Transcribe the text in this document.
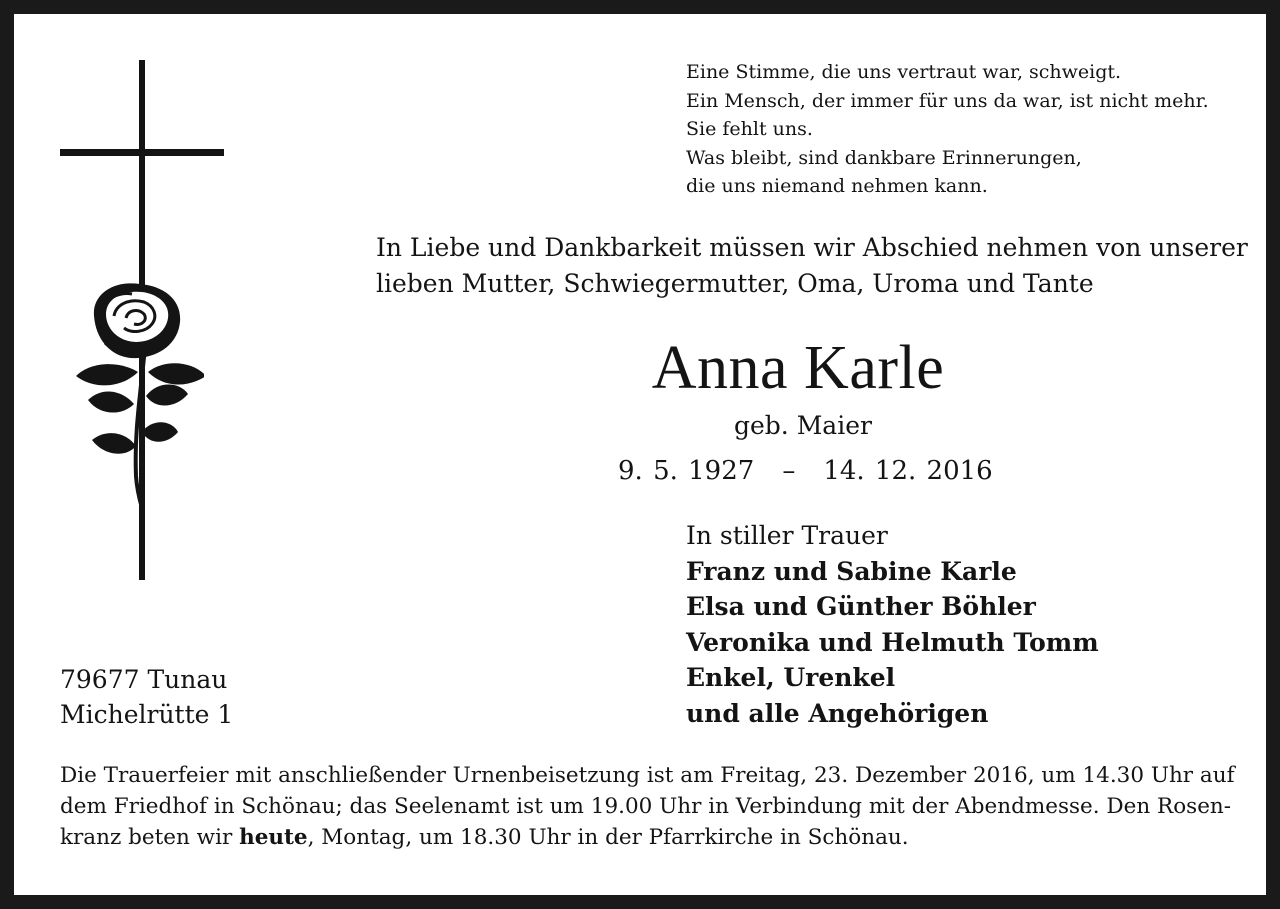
Eine Stimme, die uns vertraut war, schweigt.
Ein Mensch, der immer für uns da war, ist nicht mehr.
Sie fehlt uns.
Was bleibt, sind dankbare Erinnerungen,
die uns niemand nehmen kann.
In Liebe und Dankbarkeit müssen wir Abschied nehmen von unserer
lieben Mutter, Schwiegermutter, Oma, Uroma und Tante
Anna Karle
geb. Maier
9. 5. 1927 – 14. 12. 2016
In stiller Trauer
Franz und Sabine Karle
Elsa und Günther Böhler
Veronika und Helmuth Tomm
Enkel, Urenkel
und alle Angehörigen
79677 Tunau
Michelrütte 1
Die Trauerfeier mit anschließender Urnenbeisetzung ist am Freitag, 23. Dezember 2016, um 14.30 Uhr auf
dem Friedhof in Schönau; das Seelenamt ist um 19.00 Uhr in Verbindung mit der Abendmesse. Den Rosen-
kranz beten wir heute, Montag, um 18.30 Uhr in der Pfarrkirche in Schönau.
